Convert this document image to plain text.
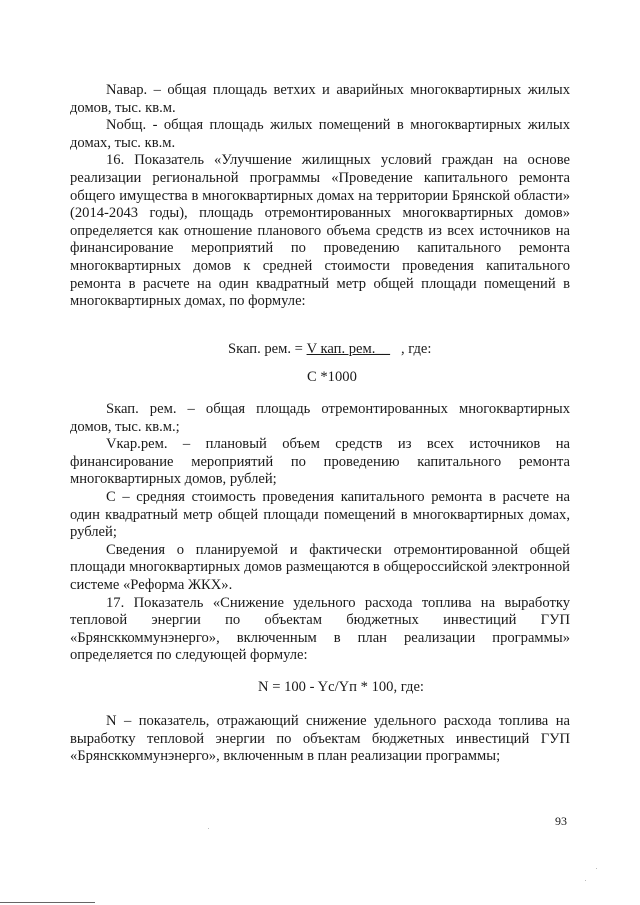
Nавар. – общая площадь ветхих и аварийных многоквартирных жилых домов, тыс. кв.м.

Nобщ. - общая площадь жилых помещений в многоквартирных жилых домах, тыс. кв.м.

16. Показатель «Улучшение жилищных условий граждан на основе реализации региональной программы «Проведение капитального ремонта общего имущества в многоквартирных домах на территории Брянской области» (2014-2043 годы), площадь отремонтированных многоквартирных домов» определяется как отношение планового объема средств из всех источников на финансирование мероприятий по проведению капитального ремонта многоквартирных домов к средней стоимости проведения капитального ремонта в расчете на один квадратный метр общей площади помещений в многоквартирных домах, по формуле:

Sкап. рем. = V кап. рем.__   , где:
C *1000

Sкап. рем. – общая площадь отремонтированных многоквартирных домов, тыс. кв.м.;

Vкар.рем. – плановый объем средств из всех источников на финансирование мероприятий по проведению капитального ремонта многоквартирных домов, рублей;

С – средняя стоимость проведения капитального ремонта в расчете на один квадратный метр общей площади помещений в многоквартирных домах, рублей;

Сведения о планируемой и фактически отремонтированной общей площади многоквартирных домов размещаются в общероссийской электронной системе «Реформа ЖКХ».

17. Показатель «Снижение удельного расхода топлива на выработку тепловой энергии по объектам бюджетных инвестиций ГУП «Брянсккоммунэнерго», включенным в план реализации программы» определяется по следующей формуле:

N = 100 - Yс/Yп * 100, где:

N – показатель, отражающий снижение удельного расхода топлива на выработку тепловой энергии по объектам бюджетных инвестиций ГУП «Брянсккоммунэнерго», включенным в план реализации программы;

93
